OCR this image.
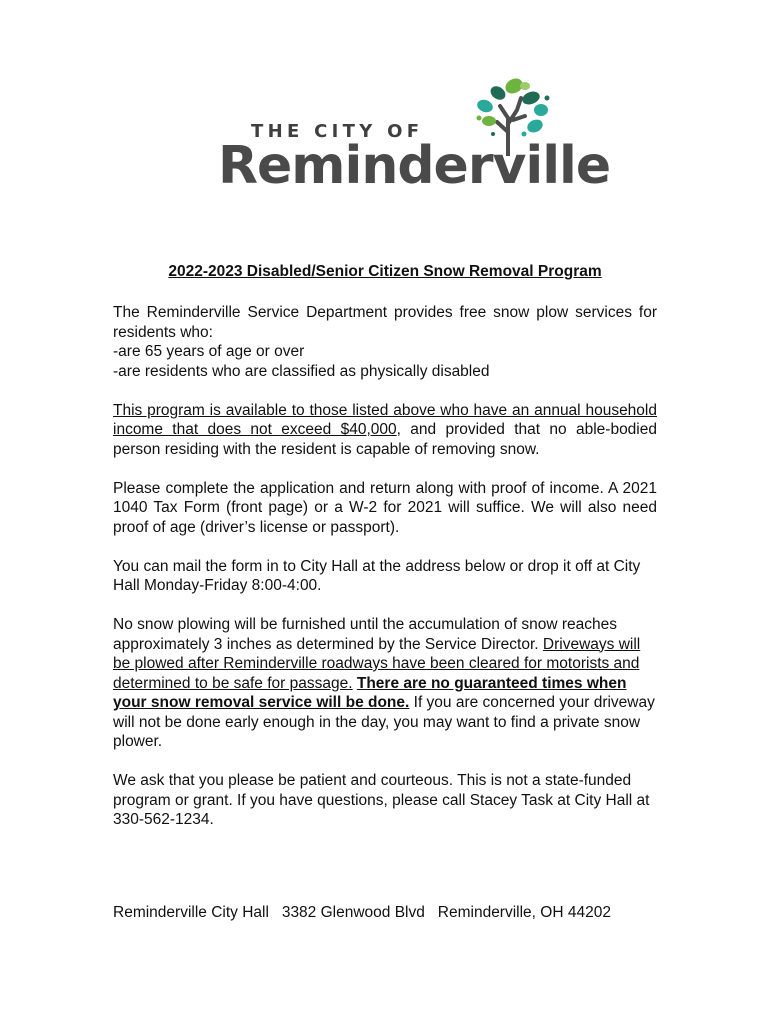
THE CITY OF
Reminderville
2022-2023 Disabled/Senior Citizen Snow Removal Program

The Reminderville Service Department provides free snow plow services for residents who:
-are 65 years of age or over
-are residents who are classified as physically disabled

This program is available to those listed above who have an annual household income that does not exceed $40,000, and provided that no able-bodied person residing with the resident is capable of removing snow.

Please complete the application and return along with proof of income. A 2021 1040 Tax Form (front page) or a W-2 for 2021 will suffice. We will also need proof of age (driver’s license or passport).

You can mail the form in to City Hall at the address below or drop it off at City Hall Monday-Friday 8:00-4:00.

No snow plowing will be furnished until the accumulation of snow reaches approximately 3 inches as determined by the Service Director. Driveways will be plowed after Reminderville roadways have been cleared for motorists and determined to be safe for passage. There are no guaranteed times when your snow removal service will be done. If you are concerned your driveway will not be done early enough in the day, you may want to find a private snow plower.

We ask that you please be patient and courteous. This is not a state-funded program or grant. If you have questions, please call Stacey Task at City Hall at 330-562-1234.

Reminderville City Hall   3382 Glenwood Blvd   Reminderville, OH 44202
